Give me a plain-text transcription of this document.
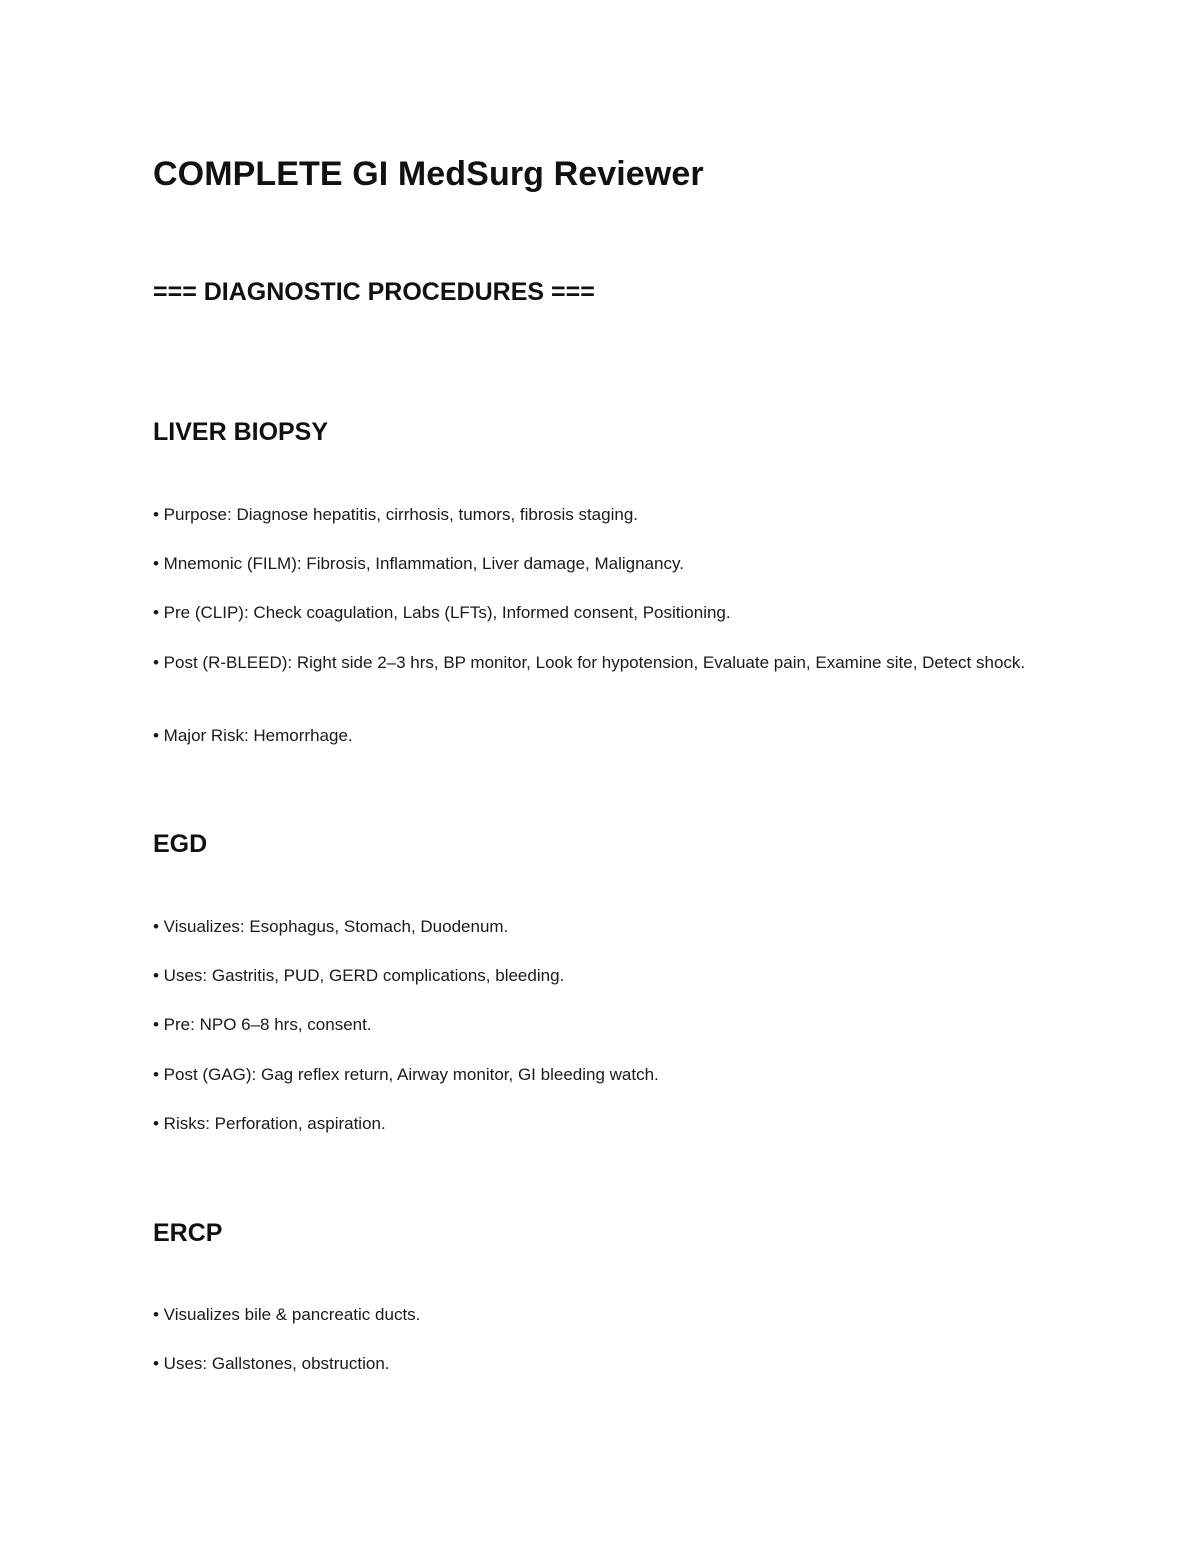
COMPLETE GI MedSurg Reviewer
=== DIAGNOSTIC PROCEDURES ===
LIVER BIOPSY

• Purpose: Diagnose hepatitis, cirrhosis, tumors, fibrosis staging.

• Mnemonic (FILM): Fibrosis, Inflammation, Liver damage, Malignancy.

• Pre (CLIP): Check coagulation, Labs (LFTs), Informed consent, Positioning.

• Post (R-BLEED): Right side 2–3 hrs, BP monitor, Look for hypotension, Evaluate pain, Examine site, Detect shock.

• Major Risk: Hemorrhage.

EGD

• Visualizes: Esophagus, Stomach, Duodenum.

• Uses: Gastritis, PUD, GERD complications, bleeding.

• Pre: NPO 6–8 hrs, consent.

• Post (GAG): Gag reflex return, Airway monitor, GI bleeding watch.

• Risks: Perforation, aspiration.

ERCP

• Visualizes bile & pancreatic ducts.

• Uses: Gallstones, obstruction.
